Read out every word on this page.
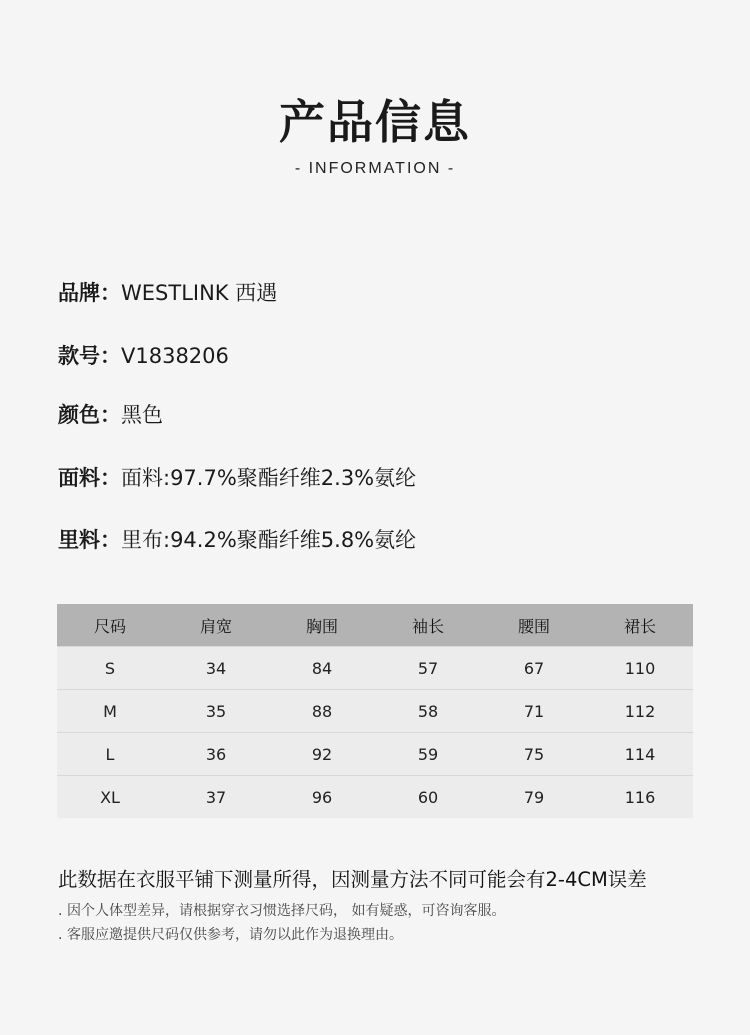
产品信息
- INFORMATION -
品牌：WESTLINK 西遇
款号：V1838206
颜色：黑色
面料：面料:97.7%聚酯纤维2.3%氨纶
里料：里布:94.2%聚酯纤维5.8%氨纶
尺码	肩宽	胸围	袖长	腰围	裙长
S	34	84	57	67	110
M	35	88	58	71	112
L	36	92	59	75	114
XL	37	96	60	79	116
此数据在衣服平铺下测量所得，因测量方法不同可能会有2-4CM误差
. 因个人体型差异，请根据穿衣习惯选择尺码， 如有疑惑，可咨询客服。
. 客服应邀提供尺码仅供参考，请勿以此作为退换理由。
